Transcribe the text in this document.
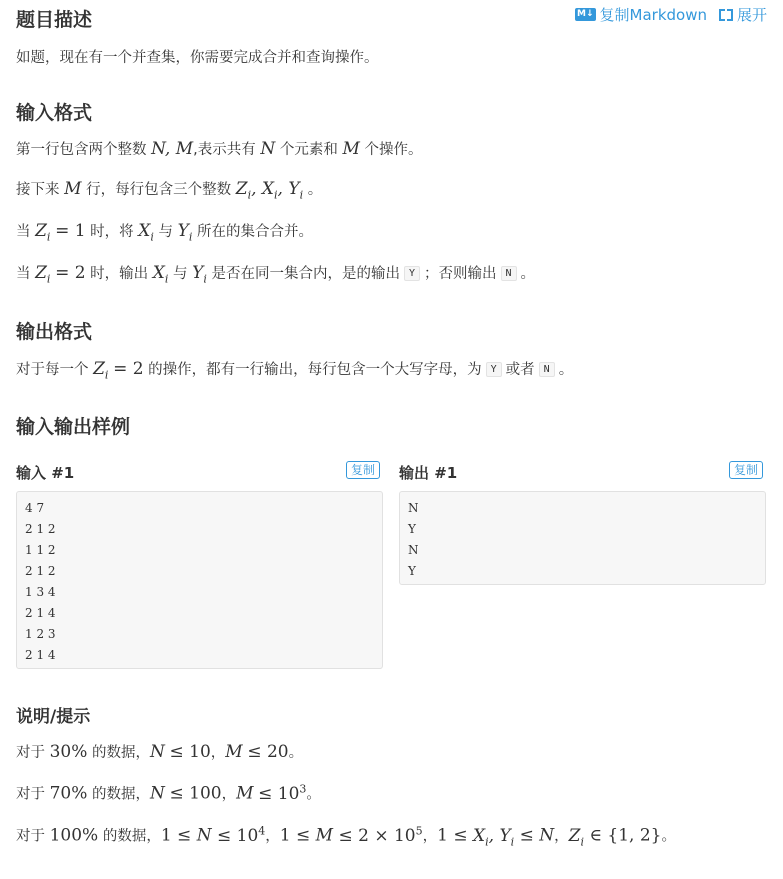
题目描述	M↓ 复制Markdown 展开
如题，现在有一个并查集，你需要完成合并和查询操作。
输入格式
第一行包含两个整数 N, M,表示共有 N 个元素和 M 个操作。
接下来 M 行，每行包含三个整数 $Z_i$, $X_i$, $Y_i$ 。
当 $Z_i = 1$ 时，将 $X_i$ 与 $Y_i$ 所在的集合合并。
当 $Z_i = 2$ 时，输出 $X_i$ 与 $Y_i$ 是否在同一集合内，是的输出 Y ；否则输出 N 。
输出格式
对于每一个 $Z_i = 2$ 的操作，都有一行输出，每行包含一个大写字母，为 Y 或者 N 。
输入输出样例
输入 #1	复制
4 7
2 1 2
1 1 2
2 1 2
1 3 4
2 1 4
1 2 3
2 1 4
输出 #1	复制
N
Y
N
Y
说明/提示
对于 30% 的数据，N ≤ 10，M ≤ 20。
对于 70% 的数据，N ≤ 100，$M \le 10^3$。
对于 100% 的数据，$1 \le N \le 10^4$，$1 \le M \le 2 \times 10^5$，$1 \le X_i$, $Y_i \le N$，$Z_i$ ∈ {1, 2}。
